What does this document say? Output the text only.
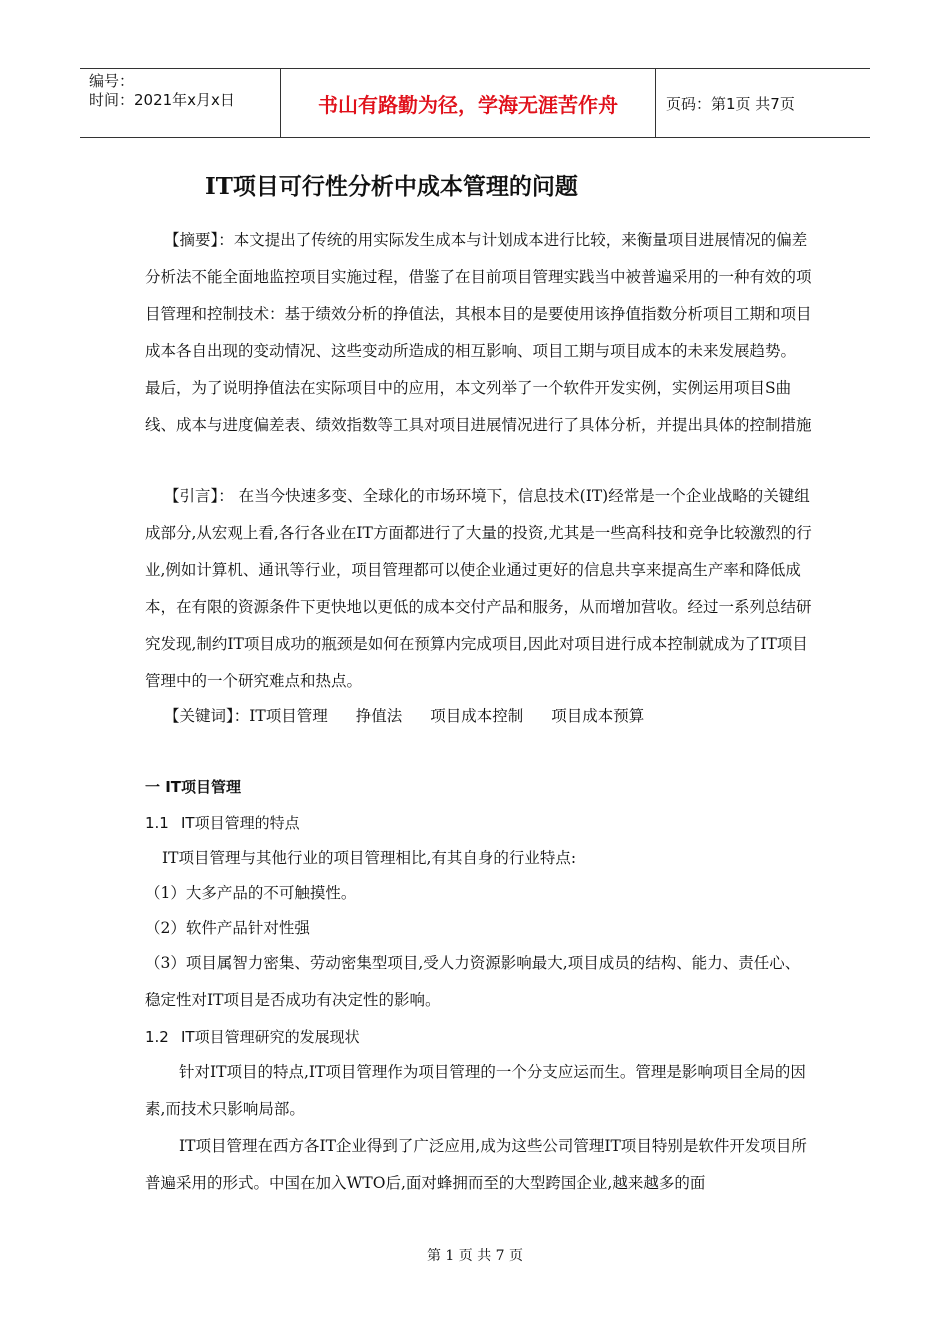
编号：
时间：2021年x月x日	书山有路勤为径，学海无涯苦作舟	页码：第1页 共7页
IT项目可行性分析中成本管理的问题
【摘要】：本文提出了传统的用实际发生成本与计划成本进行比较，来衡量项目进展情况的偏差分析法不能全面地监控项目实施过程，借鉴了在目前项目管理实践当中被普遍采用的一种有效的项目管理和控制技术：基于绩效分析的挣值法，其根本目的是要使用该挣值指数分析项目工期和项目成本各自出现的变动情况、这些变动所造成的相互影响、项目工期与项目成本的未来发展趋势。 最后，为了说明挣值法在实际项目中的应用，本文列举了一个软件开发实例，实例运用项目S曲线、成本与进度偏差表、绩效指数等工具对项目进展情况进行了具体分析，并提出具体的控制措施
【引言】： 在当今快速多变、全球化的市场环境下，信息技术(IT)经常是一个企业战略的关键组成部分,从宏观上看,各行各业在IT方面都进行了大量的投资,尤其是一些高科技和竞争比较激烈的行业,例如计算机、通讯等行业，项目管理都可以使企业通过更好的信息共享来提高生产率和降低成本，在有限的资源条件下更快地以更低的成本交付产品和服务，从而增加营收。经过一系列总结研究发现,制约IT项目成功的瓶颈是如何在预算内完成项目,因此对项目进行成本控制就成为了IT项目管理中的一个研究难点和热点。
【关键词】：IT项目管理 挣值法 项目成本控制 项目成本预算
一 IT项目管理
1.1 IT项目管理的特点
IT项目管理与其他行业的项目管理相比,有其自身的行业特点:
（1）大多产品的不可触摸性。
（2）软件产品针对性强
（3）项目属智力密集、劳动密集型项目,受人力资源影响最大,项目成员的结构、能力、责任心、稳定性对IT项目是否成功有决定性的影响。
1.2 IT项目管理研究的发展现状
针对IT项目的特点,IT项目管理作为项目管理的一个分支应运而生。管理是影响项目全局的因素,而技术只影响局部。
IT项目管理在西方各IT企业得到了广泛应用,成为这些公司管理IT项目特别是软件开发项目所普遍采用的形式。中国在加入WTO后,面对蜂拥而至的大型跨国企业,越来越多的面
第 1 页 共 7 页
